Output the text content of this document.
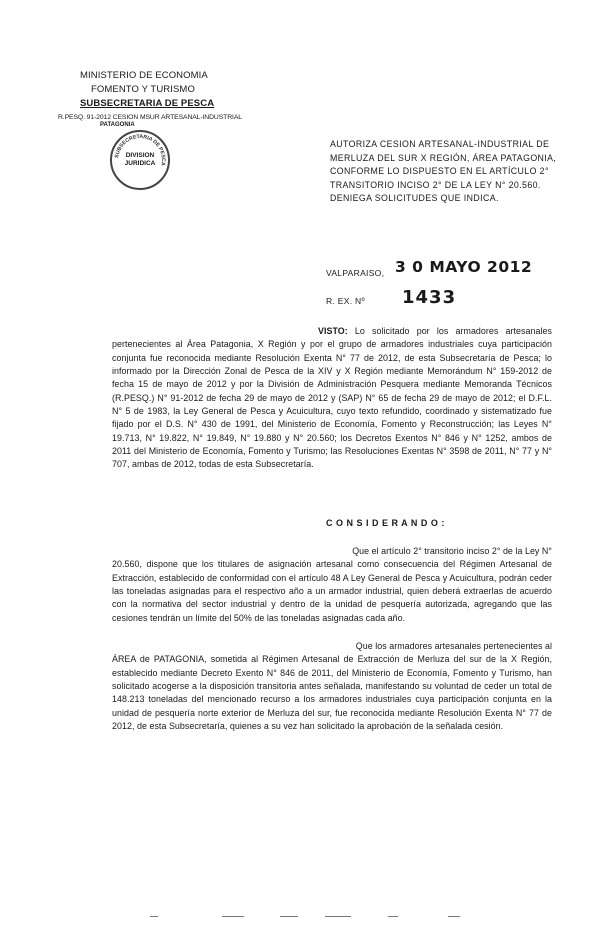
MINISTERIO DE ECONOMIA
FOMENTO Y TURISMO
SUBSECRETARIA DE PESCA
R.PESQ. 91-2012 CESION MSUR ARTESANAL-INDUSTRIAL
PATAGONIA
SUBSECRETARIA DE PESCA
DIVISION
JURIDICA
AUTORIZA CESION ARTESANAL-INDUSTRIAL DE
MERLUZA DEL SUR X REGIÓN, ÁREA PATAGONIA,
CONFORME LO DISPUESTO EN EL ARTÍCULO 2°
TRANSITORIO INCISO 2° DE LA LEY N° 20.560.
DENIEGA SOLICITUDES QUE INDICA.
VALPARAISO, 3 0 MAYO 2012
R. EX. Nº 1433
VISTO: Lo solicitado por los armadores artesanales pertenecientes al Área Patagonia, X Región y por el grupo de armadores industriales cuya participación conjunta fue reconocida mediante Resolución Exenta N° 77 de 2012, de esta Subsecretaría de Pesca; lo informado por la Dirección Zonal de Pesca de la XIV y X Región mediante Memorándum N° 159-2012 de fecha 15 de mayo de 2012 y por la División de Administración Pesquera mediante Memoranda Técnicos (R.PESQ.) N° 91-2012 de fecha 29 de mayo de 2012 y (SAP) N° 65 de fecha 29 de mayo de 2012; el D.F.L. N° 5 de 1983, la Ley General de Pesca y Acuicultura, cuyo texto refundido, coordinado y sistematizado fue fijado por el D.S. N° 430 de 1991, del Ministerio de Economía, Fomento y Reconstrucción; las Leyes N° 19.713, N° 19.822, N° 19.849, N° 19.880 y N° 20.560; los Decretos Exentos N° 846 y N° 1252, ambos de 2011 del Ministerio de Economía, Fomento y Turismo; las Resoluciones Exentas N° 3598 de 2011, N° 77 y N° 707, ambas de 2012, todas de esta Subsecretaría.
C O N S I D E R A N D O :
Que el artículo 2° transitorio inciso 2° de la Ley N°
20.560, dispone que los titulares de asignación artesanal como consecuencia del Régimen Artesanal de Extracción, establecido de conformidad con el artículo 48 A Ley General de Pesca y Acuicultura, podrán ceder las toneladas asignadas para el respectivo año a un armador industrial, quien deberá extraerlas de acuerdo con la normativa del sector industrial y dentro de la unidad de pesquería autorizada, agregando que las cesiones tendrán un límite del 50% de las toneladas asignadas cada año.
Que los armadores artesanales pertenecientes al
ÁREA de PATAGONIA, sometida al Régimen Artesanal de Extracción de Merluza del sur de la X Región, establecido mediante Decreto Exento N° 846 de 2011, del Ministerio de Economía, Fomento y Turismo, han solicitado acogerse a la disposición transitoria antes señalada, manifestando su voluntad de ceder un total de 148.213 toneladas del mencionado recurso a los armadores industriales cuya participación conjunta en la unidad de pesquería norte exterior de Merluza del sur, fue reconocida mediante Resolución Exenta N° 77 de 2012, de esta Subsecretaría, quienes a su vez han solicitado la aprobación de la señalada cesión.
